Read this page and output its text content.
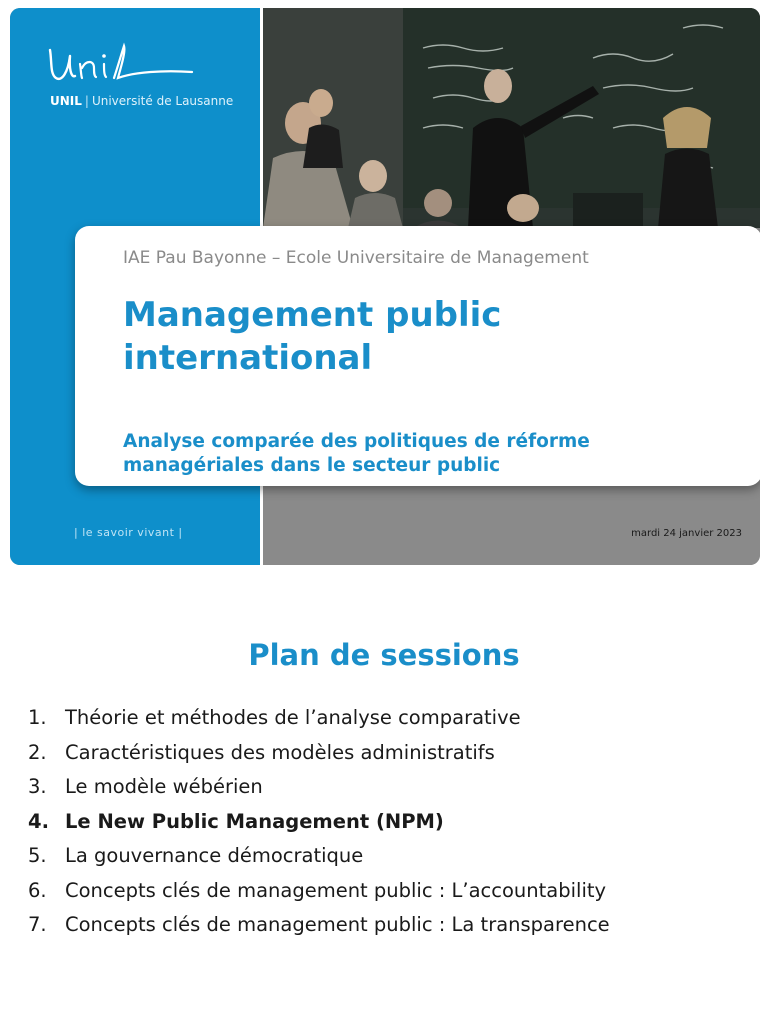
UNIL | Université de Lausanne
| le savoir vivant |	mardi 24 janvier 2023
IAE Pau Bayonne – Ecole Universitaire de Management
Management public international
Analyse comparée des politiques de réforme managériales dans le secteur public
Plan de sessions
1. Théorie et méthodes de l’analyse comparative
2. Caractéristiques des modèles administratifs
3. Le modèle wébérien
4. Le New Public Management (NPM)
5. La gouvernance démocratique
6. Concepts clés de management public : L’accountability
7. Concepts clés de management public : La transparence
